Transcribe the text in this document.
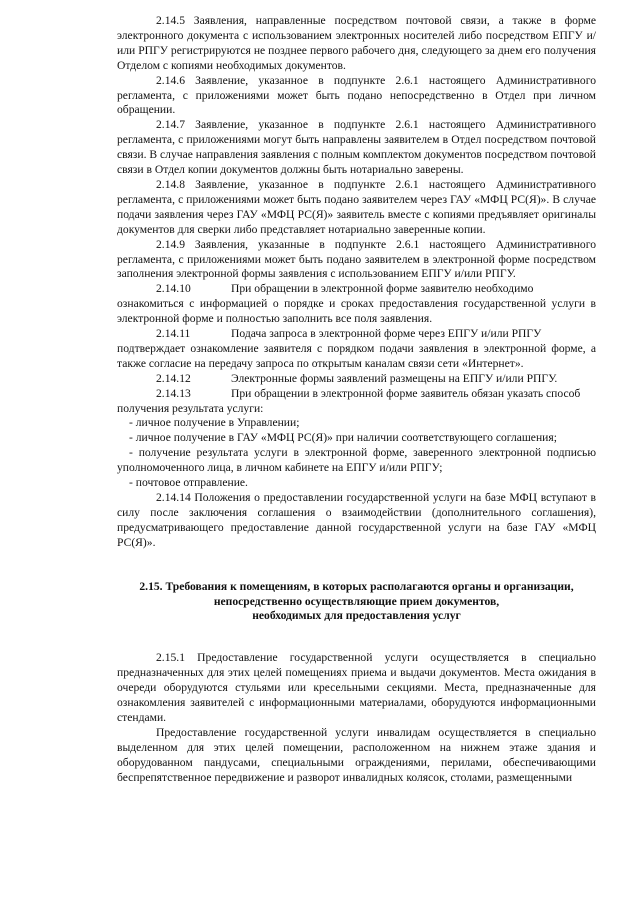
2.14.5 Заявления, направленные посредством почтовой связи, а также в форме электронного документа с использованием электронных носителей либо посредством ЕПГУ и/или РПГУ регистрируются не позднее первого рабочего дня, следующего за днем его получения Отделом с копиями необходимых документов.

2.14.6 Заявление, указанное в подпункте 2.6.1 настоящего Административного регламента, с приложениями может быть подано непосредственно в Отдел при личном обращении.

2.14.7 Заявление, указанное в подпункте 2.6.1 настоящего Административного регламента, с приложениями могут быть направлены заявителем в Отдел посредством почтовой связи. В случае направления заявления с полным комплектом документов посредством почтовой связи в Отдел копии документов должны быть нотариально заверены.

2.14.8 Заявление, указанное в подпункте 2.6.1 настоящего Административного регламента, с приложениями может быть подано заявителем через ГАУ «МФЦ РС(Я)». В случае подачи заявления через ГАУ «МФЦ РС(Я)» заявитель вместе с копиями предъявляет оригиналы документов для сверки либо представляет нотариально заверенные копии.

2.14.9 Заявления, указанные в подпункте 2.6.1 настоящего Административного регламента, с приложениями может быть подано заявителем в электронной форме посредством заполнения электронной формы заявления с использованием ЕПГУ и/или РПГУ.

2.14.10	При обращении в электронной форме заявителю необходимо

ознакомиться с информацией о порядке и сроках предоставления государственной услуги в электронной форме и полностью заполнить все поля заявления.

2.14.11	Подача запроса в электронной форме через ЕПГУ и/или РПГУ

подтверждает ознакомление заявителя с порядком подачи заявления в электронной форме, а также согласие на передачу запроса по открытым каналам связи сети «Интернет».

2.14.12	Электронные формы заявлений размещены на ЕПГУ и/или РПГУ.
2.14.13	При обращении в электронной форме заявитель обязан указать способ

получения результата услуги:

- личное получение в Управлении;

- личное получение в ГАУ «МФЦ РС(Я)» при наличии соответствующего соглашения;

- получение результата услуги в электронной форме, заверенного электронной подписью уполномоченного лица, в личном кабинете на ЕПГУ и/или РПГУ;

- почтовое отправление.

2.14.14 Положения о предоставлении государственной услуги на базе МФЦ вступают в силу после заключения соглашения о взаимодействии (дополнительного соглашения), предусматривающего предоставление данной государственной услуги на базе ГАУ «МФЦ РС(Я)».

2.15. Требования к помещениям, в которых располагаются органы и организации,
непосредственно осуществляющие прием документов,
необходимых для предоставления услуг

2.15.1 Предоставление государственной услуги осуществляется в специально предназначенных для этих целей помещениях приема и выдачи документов. Места ожидания в очереди оборудуются стульями или кресельными секциями. Места, предназначенные для ознакомления заявителей с информационными материалами, оборудуются информационными стендами.

Предоставление государственной услуги инвалидам осуществляется в специально выделенном для этих целей помещении, расположенном на нижнем этаже здания и оборудованном пандусами, специальными ограждениями, перилами, обеспечивающими беспрепятственное передвижение и разворот инвалидных колясок, столами, размещенными
